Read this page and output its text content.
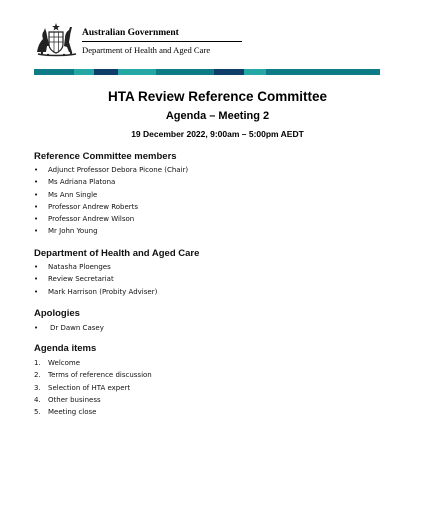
Australian Government
Department of Health and Aged Care
HTA Review Reference Committee
Agenda – Meeting 2
19 December 2022, 9:00am – 5:00pm AEDT
Reference Committee members
•	Adjunct Professor Debora Picone (Chair)
•	Ms Adriana Platona
•	Ms Ann Single
•	Professor Andrew Roberts
•	Professor Andrew Wilson
•	Mr John Young
Department of Health and Aged Care
•	Natasha Ploenges
•	Review Secretariat
•	Mark Harrison (Probity Adviser)
Apologies
•	Dr Dawn Casey
Agenda items
1.	Welcome
2.	Terms of reference discussion
3.	Selection of HTA expert
4.	Other business
5.	Meeting close
